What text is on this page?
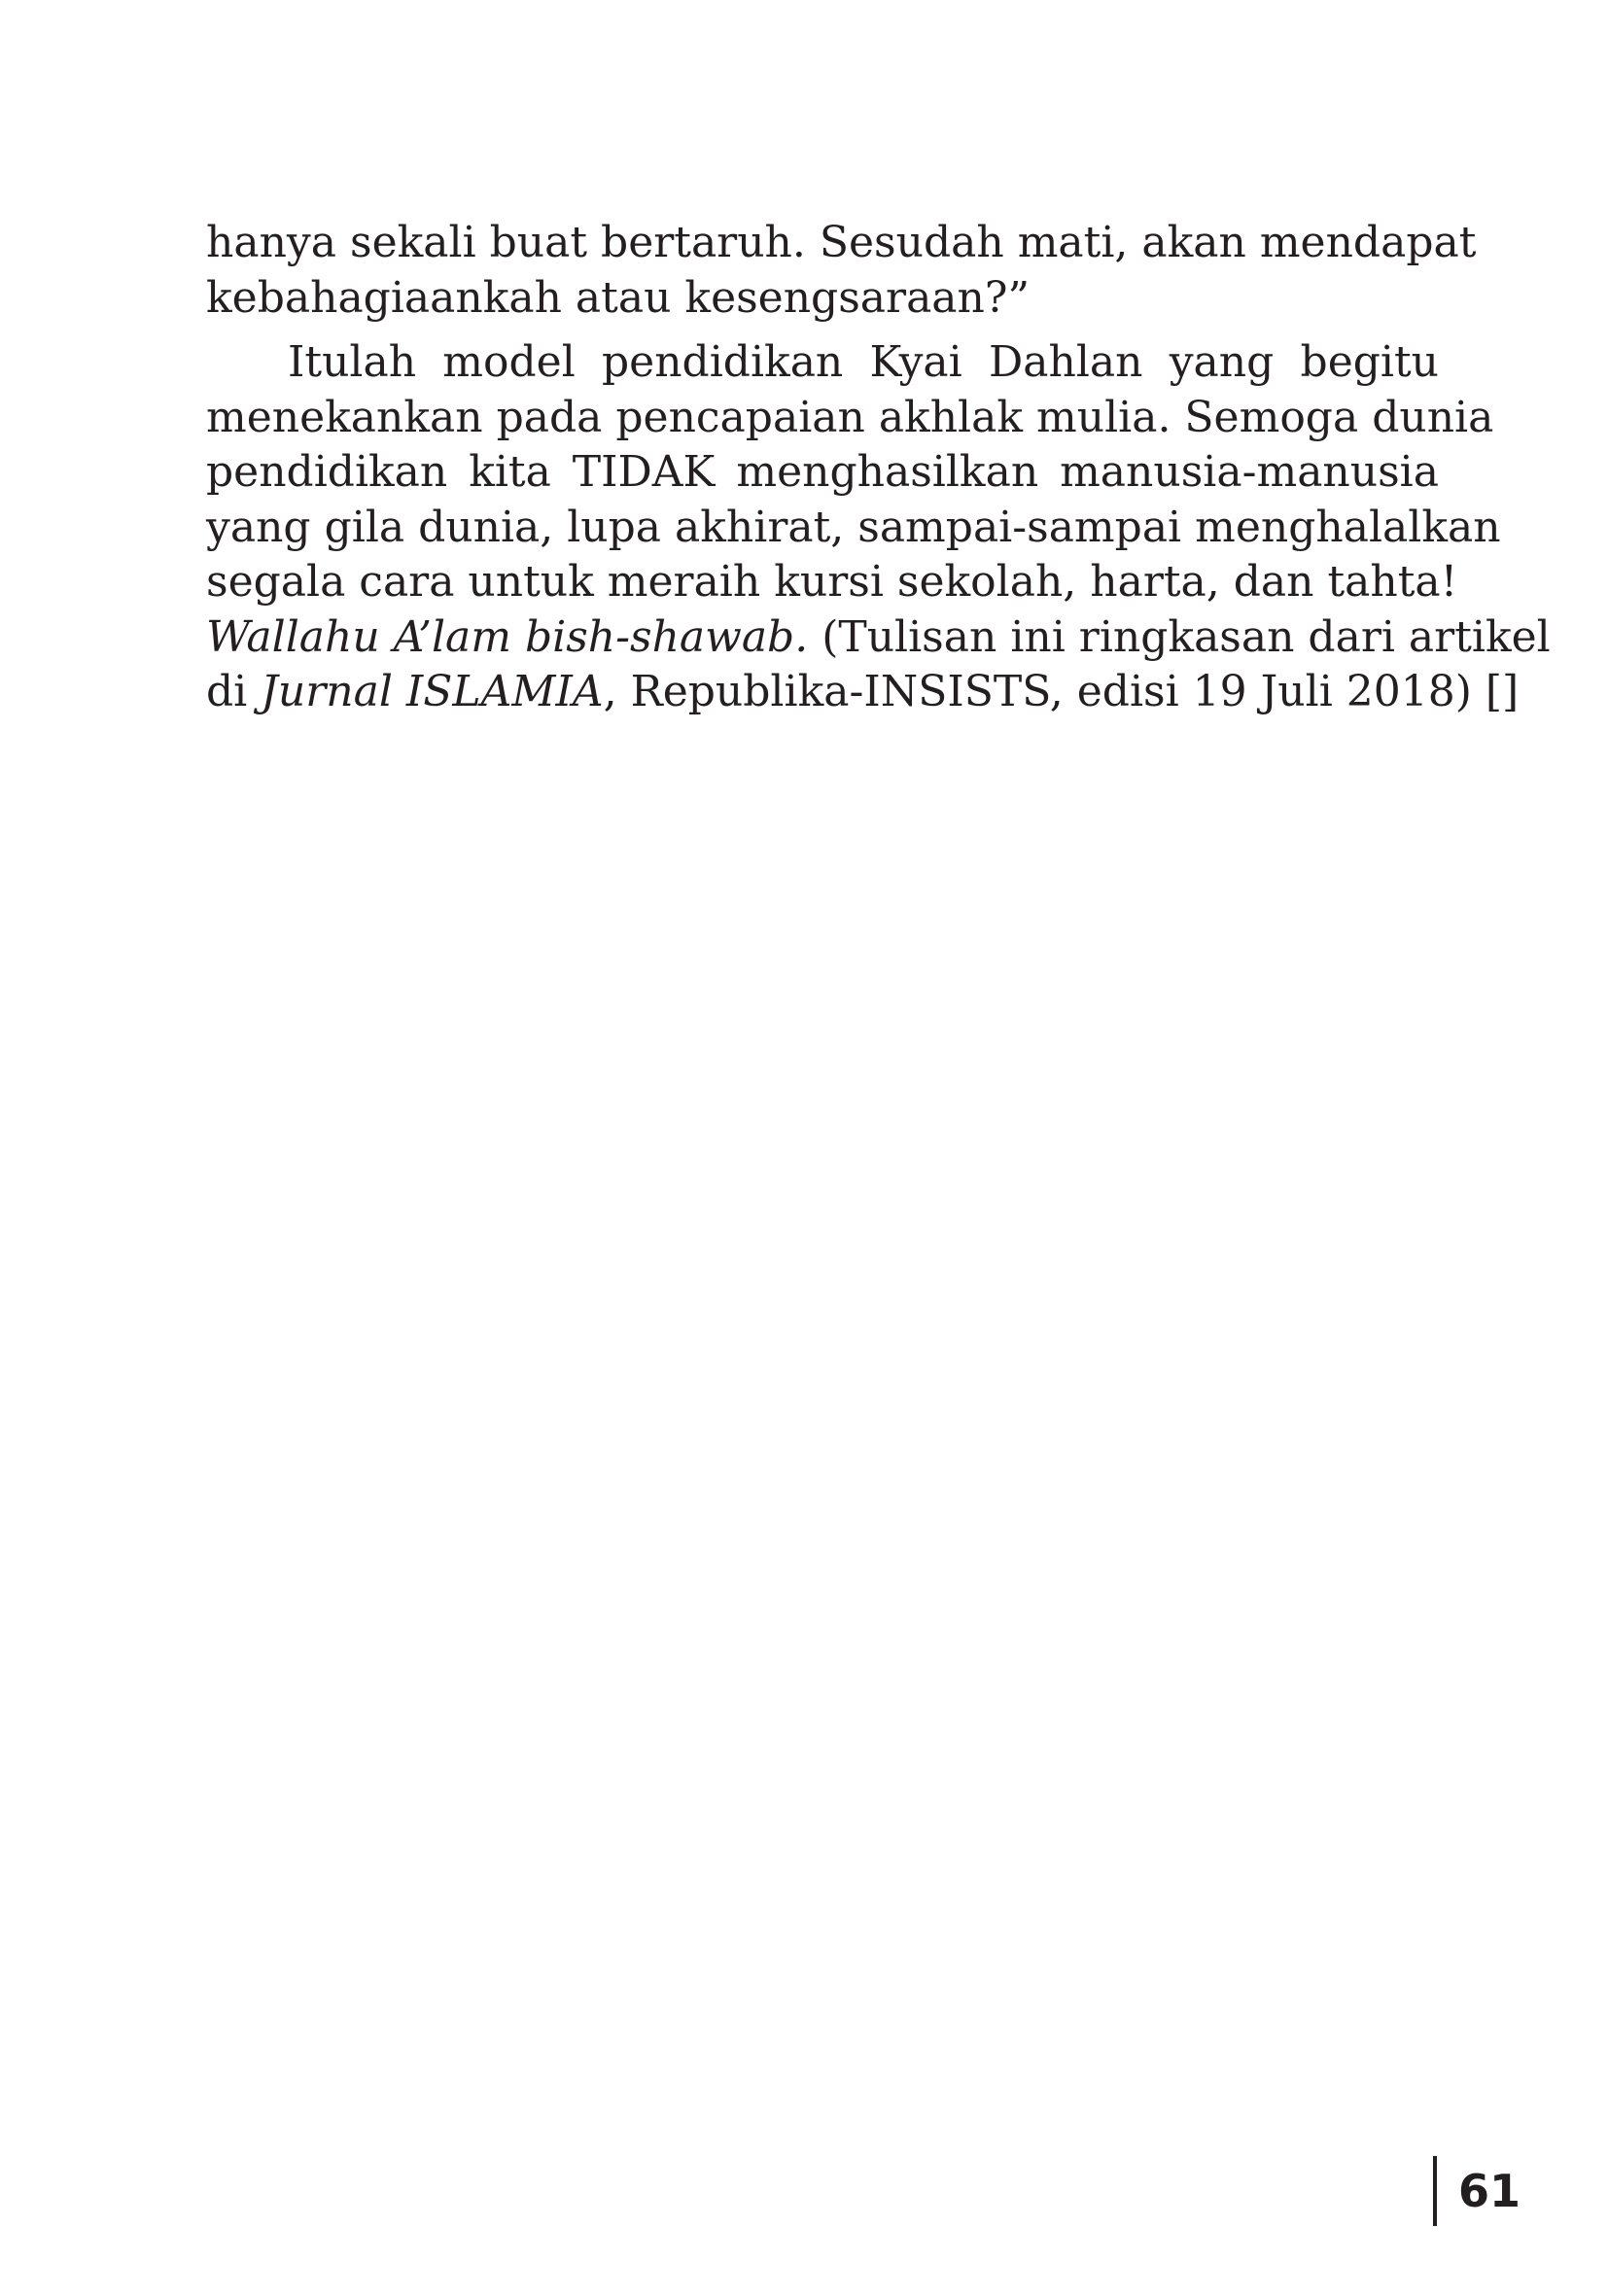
hanya sekali buat bertaruh. Sesudah mati, akan mendapat
kebahagiaankah atau kesengsaraan?”
Itulah model pendidikan Kyai Dahlan yang begitu
menekankan pada pencapaian akhlak mulia. Semoga dunia
pendidikan kita TIDAK menghasilkan manusia-manusia
yang gila dunia, lupa akhirat, sampai-sampai menghalalkan
segala cara untuk meraih kursi sekolah, harta, dan tahta!
Wallahu A’lam bish-shawab. (Tulisan ini ringkasan dari artikel
di Jurnal ISLAMIA, Republika-INSISTS, edisi 19 Juli 2018) []
61
